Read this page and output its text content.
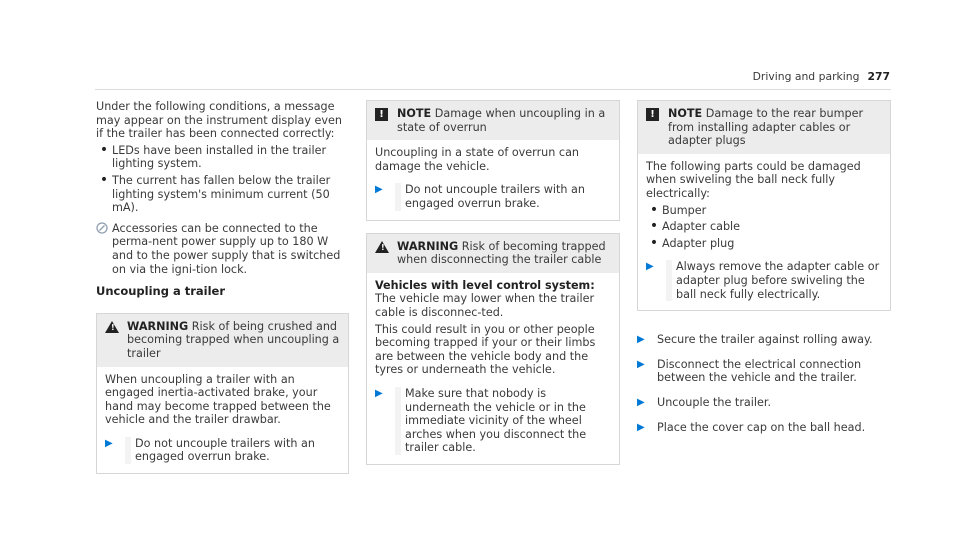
Driving and parking 277

Under the following conditions, a message may appear on the instrument display even if the trailer has been connected correctly:

• LEDs have been installed in the trailer lighting system.
• The current has fallen below the trailer lighting system's minimum current (50 mA).
Accessories can be connected to the perma-nent power supply up to 180 W and to the power supply that is switched on via the igni-tion lock.
Uncoupling a trailer
! WARNING Risk of being crushed and becoming trapped when uncoupling a trailer

When uncoupling a trailer with an engaged inertia-activated brake, your hand may become trapped between the vehicle and the trailer drawbar.

▶	Do not uncouple trailers with an engaged overrun brake.
!	NOTE Damage when uncoupling in a state of overrun

Uncoupling in a state of overrun can damage the vehicle.

▶	Do not uncouple trailers with an engaged overrun brake.
! WARNING Risk of becoming trapped when disconnecting the trailer cable

Vehicles with level control system: The vehicle may lower when the trailer cable is disconnec-ted.

This could result in you or other people becoming trapped if your or their limbs are between the vehicle body and the tyres or underneath the vehicle.

▶	Make sure that nobody is underneath the vehicle or in the immediate vicinity of the wheel arches when you disconnect the trailer cable.
!	NOTE Damage to the rear bumper from installing adapter cables or adapter plugs

The following parts could be damaged when swiveling the ball neck fully electrically:

• Bumper
• Adapter cable
• Adapter plug
▶	Always remove the adapter cable or adapter plug before swiveling the ball neck fully electrically.
▶	Secure the trailer against rolling away.
▶	Disconnect the electrical connection between the vehicle and the trailer.
▶	Uncouple the trailer.
▶	Place the cover cap on the ball head.
